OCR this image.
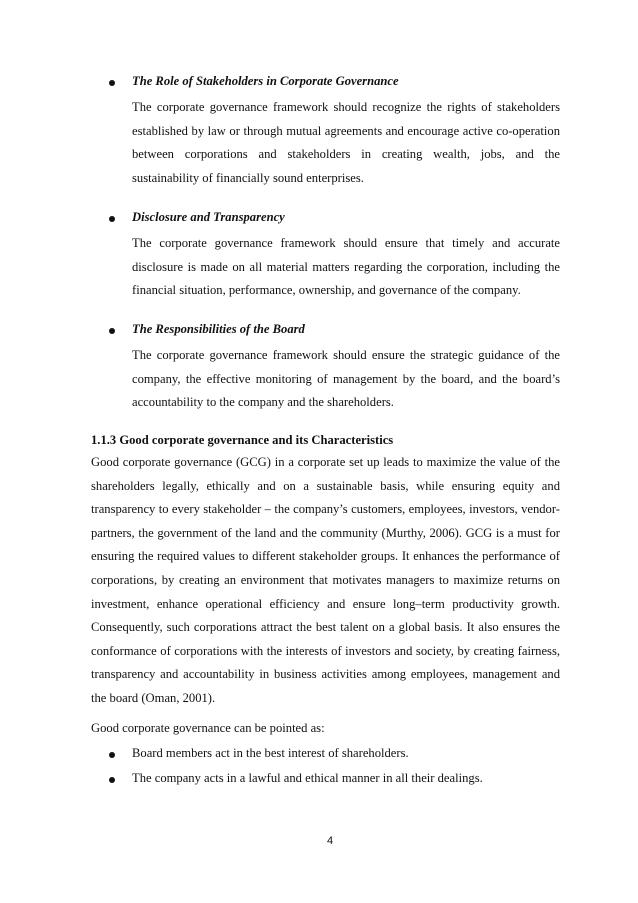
The Role of Stakeholders in Corporate Governance

The corporate governance framework should recognize the rights of stakeholders established by law or through mutual agreements and encourage active co-operation between corporations and stakeholders in creating wealth, jobs, and the sustainability of financially sound enterprises.

Disclosure and Transparency

The corporate governance framework should ensure that timely and accurate disclosure is made on all material matters regarding the corporation, including the financial situation, performance, ownership, and governance of the company.

The Responsibilities of the Board

The corporate governance framework should ensure the strategic guidance of the company, the effective monitoring of management by the board, and the board’s accountability to the company and the shareholders.

1.1.3 Good corporate governance and its Characteristics

Good corporate governance (GCG) in a corporate set up leads to maximize the value of the shareholders legally, ethically and on a sustainable basis, while ensuring equity and transparency to every stakeholder – the company’s customers, employees, investors, vendor-partners, the government of the land and the community (Murthy, 2006). GCG is a must for ensuring the required values to different stakeholder groups. It enhances the performance of corporations, by creating an environment that motivates managers to maximize returns on investment, enhance operational efficiency and ensure long–term productivity growth. Consequently, such corporations attract the best talent on a global basis. It also ensures the conformance of corporations with the interests of investors and society, by creating fairness, transparency and accountability in business activities among employees, management and the board (Oman, 2001).

Good corporate governance can be pointed as:
Board members act in the best interest of shareholders.
The company acts in a lawful and ethical manner in all their dealings.
4
